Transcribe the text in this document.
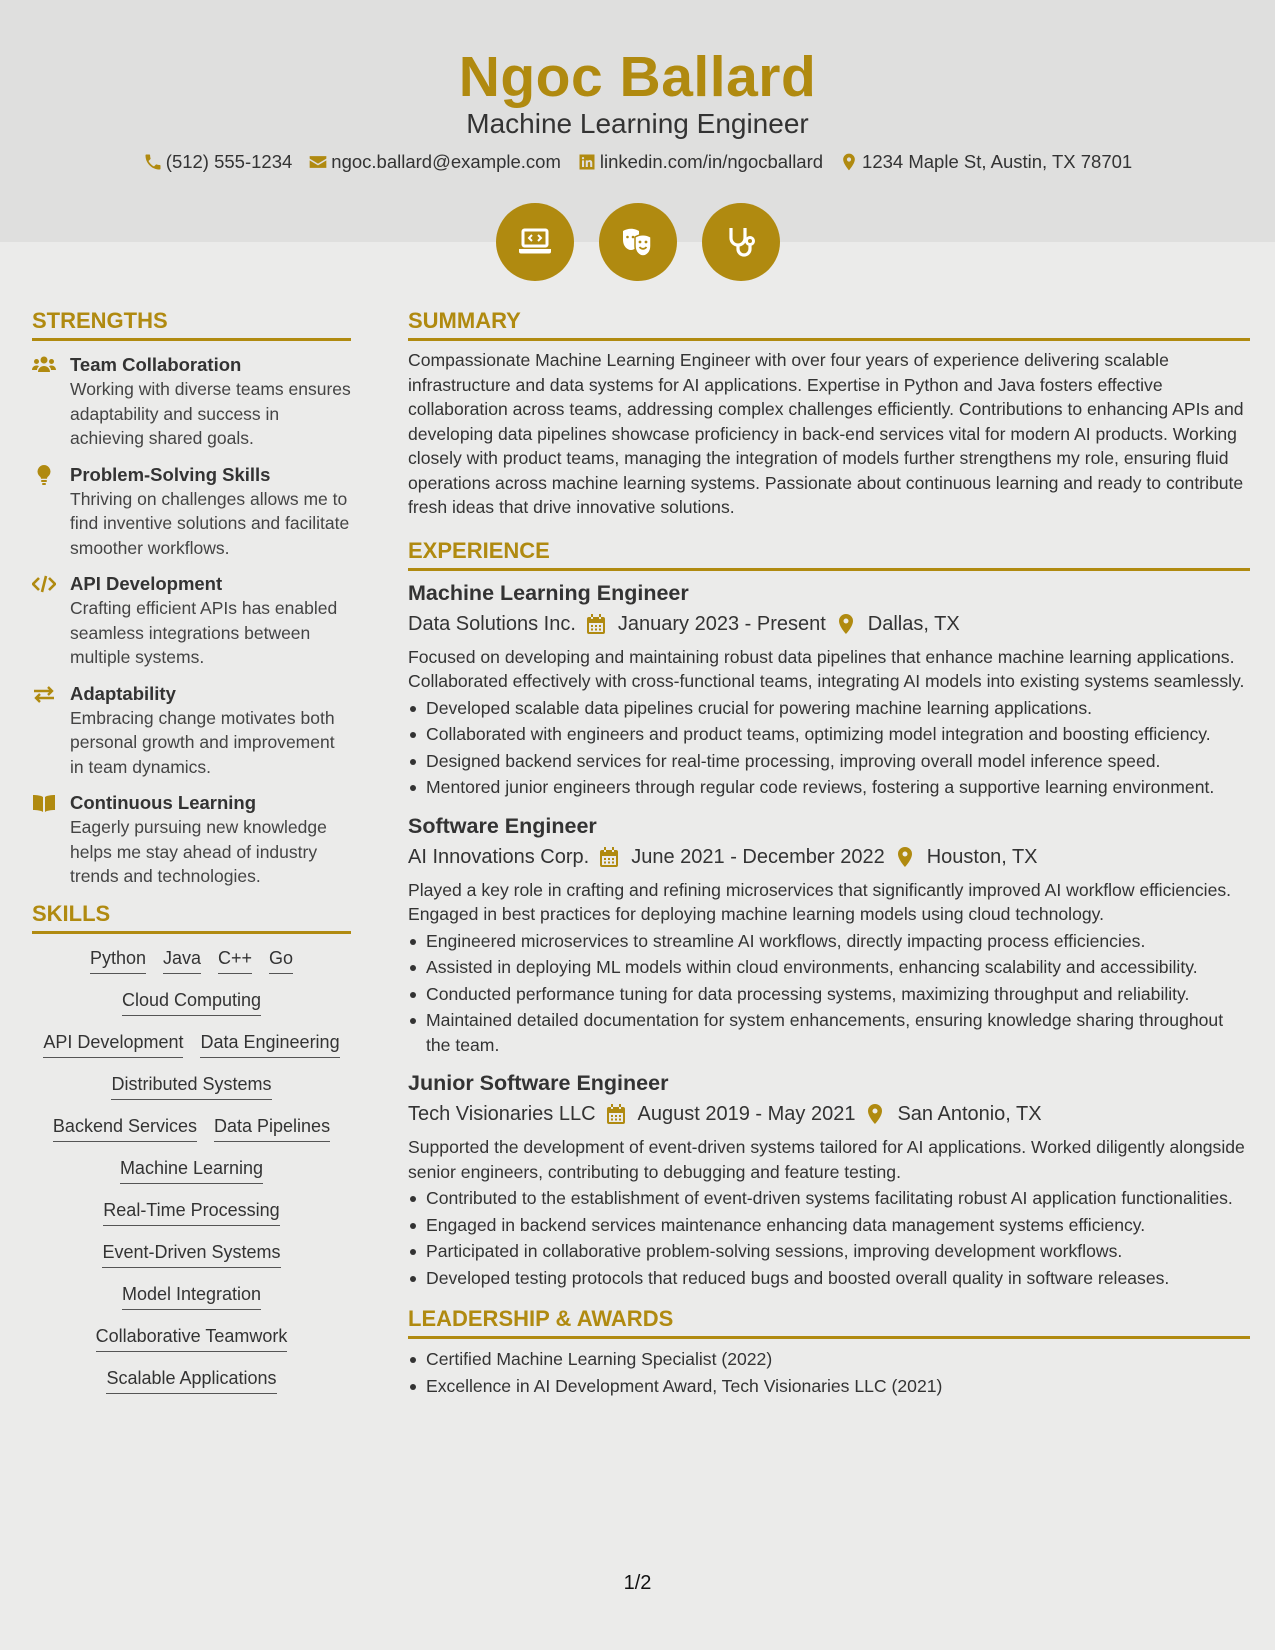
Ngoc Ballard
Machine Learning Engineer
(512) 555-1234 ngoc.ballard@example.com linkedin.com/in/ngocballard 1234 Maple St, Austin, TX 78701
STRENGTHS
Team Collaboration
Working with diverse teams ensures adaptability and success in achieving shared goals.
Problem-Solving Skills
Thriving on challenges allows me to find inventive solutions and facilitate smoother workflows.
API Development
Crafting efficient APIs has enabled seamless integrations between multiple systems.
Adaptability
Embracing change motivates both personal growth and improvement in team dynamics.
Continuous Learning
Eagerly pursuing new knowledge helps me stay ahead of industry trends and technologies.
SKILLS
Python Java C++ Go
Cloud Computing
API Development Data Engineering
Distributed Systems
Backend Services Data Pipelines
Machine Learning
Real-Time Processing
Event-Driven Systems
Model Integration
Collaborative Teamwork
Scalable Applications
SUMMARY
Compassionate Machine Learning Engineer with over four years of experience delivering scalable infrastructure and data systems for AI applications. Expertise in Python and Java fosters effective collaboration across teams, addressing complex challenges efficiently. Contributions to enhancing APIs and developing data pipelines showcase proficiency in back-end services vital for modern AI products. Working closely with product teams, managing the integration of models further strengthens my role, ensuring fluid operations across machine learning systems. Passionate about continuous learning and ready to contribute fresh ideas that drive innovative solutions.
EXPERIENCE
Machine Learning Engineer
Data Solutions Inc. January 2023 - Present Dallas, TX
Focused on developing and maintaining robust data pipelines that enhance machine learning applications. Collaborated effectively with cross-functional teams, integrating AI models into existing systems seamlessly.
Developed scalable data pipelines crucial for powering machine learning applications.
Collaborated with engineers and product teams, optimizing model integration and boosting efficiency.
Designed backend services for real-time processing, improving overall model inference speed.
Mentored junior engineers through regular code reviews, fostering a supportive learning environment.
Software Engineer
AI Innovations Corp. June 2021 - December 2022 Houston, TX
Played a key role in crafting and refining microservices that significantly improved AI workflow efficiencies. Engaged in best practices for deploying machine learning models using cloud technology.
Engineered microservices to streamline AI workflows, directly impacting process efficiencies.
Assisted in deploying ML models within cloud environments, enhancing scalability and accessibility.
Conducted performance tuning for data processing systems, maximizing throughput and reliability.
Maintained detailed documentation for system enhancements, ensuring knowledge sharing throughout the team.
Junior Software Engineer
Tech Visionaries LLC August 2019 - May 2021 San Antonio, TX
Supported the development of event-driven systems tailored for AI applications. Worked diligently alongside senior engineers, contributing to debugging and feature testing.
Contributed to the establishment of event-driven systems facilitating robust AI application functionalities.
Engaged in backend services maintenance enhancing data management systems efficiency.
Participated in collaborative problem-solving sessions, improving development workflows.
Developed testing protocols that reduced bugs and boosted overall quality in software releases.
LEADERSHIP & AWARDS
Certified Machine Learning Specialist (2022)
Excellence in AI Development Award, Tech Visionaries LLC (2021)
1/2
